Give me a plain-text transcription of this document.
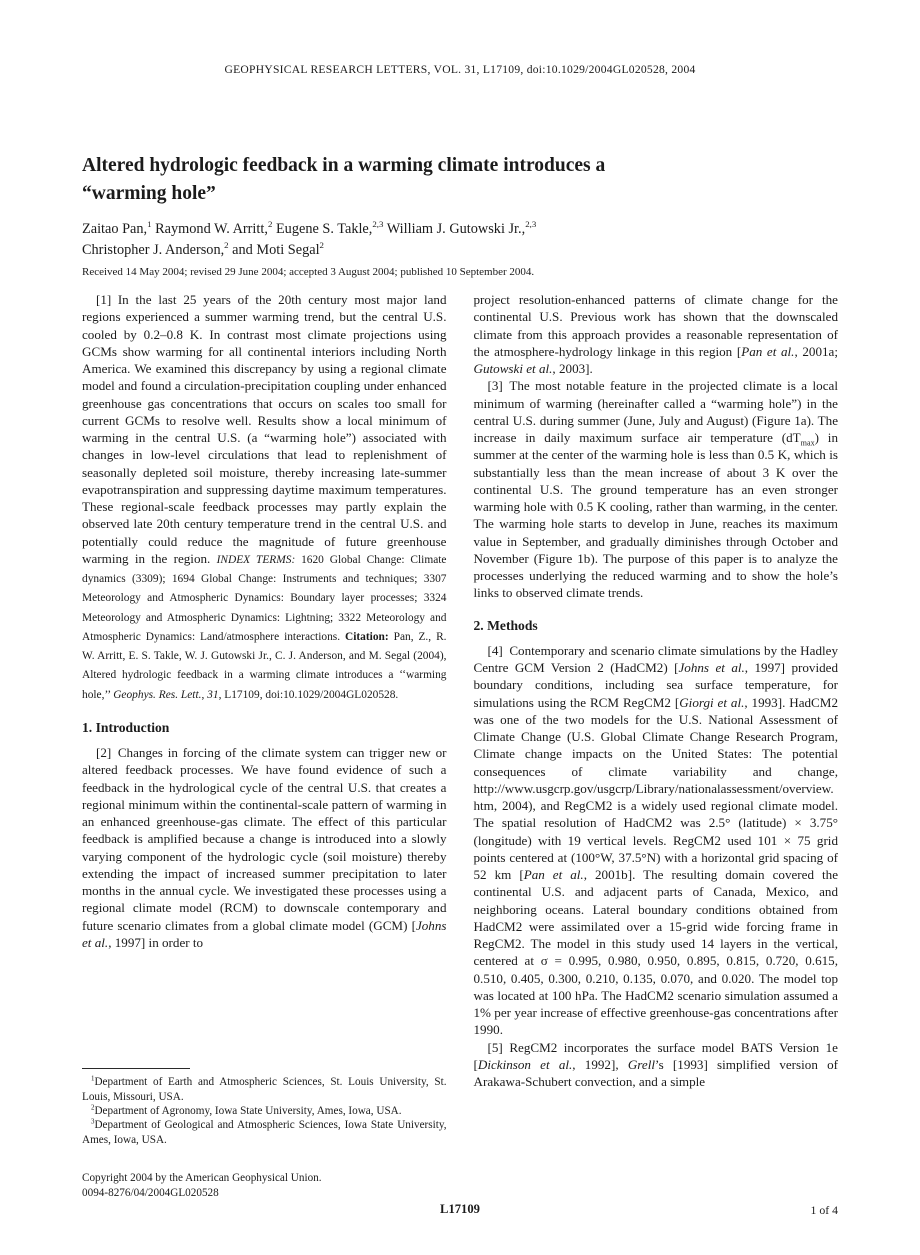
GEOPHYSICAL RESEARCH LETTERS, VOL. 31, L17109, doi:10.1029/2004GL020528, 2004
Altered hydrologic feedback in a warming climate introduces a
“warming hole”
Zaitao Pan,$^1$ Raymond W. Arritt,$^2$ Eugene S. Takle,$^{2,3}$ William J. Gutowski Jr.,$^{2,3}$
Christopher J. Anderson,$^2$ and Moti Segal$^2$
Received 14 May 2004; revised 29 June 2004; accepted 3 August 2004; published 10 September 2004.

[1] In the last 25 years of the 20th century most major land regions experienced a summer warming trend, but the central U.S. cooled by 0.2–0.8 K. In contrast most climate projections using GCMs show warming for all continental interiors including North America. We examined this discrepancy by using a regional climate model and found a circulation-precipitation coupling under enhanced greenhouse gas concentrations that occurs on scales too small for current GCMs to resolve well. Results show a local minimum of warming in the central U.S. (a “warming hole”) associated with changes in low-level circulations that lead to replenishment of seasonally depleted soil moisture, thereby increasing late-summer evapotranspiration and suppressing daytime maximum temperatures. These regional-scale feedback processes may partly explain the observed late 20th century temperature trend in the central U.S. and potentially could reduce the magnitude of future greenhouse warming in the region. INDEX TERMS: 1620 Global Change: Climate dynamics (3309); 1694 Global Change: Instruments and techniques; 3307 Meteorology and Atmospheric Dynamics: Boundary layer processes; 3324 Meteorology and Atmospheric Dynamics: Lightning; 3322 Meteorology and Atmospheric Dynamics: Land/atmosphere interactions. Citation: Pan, Z., R. W. Arritt, E. S. Takle, W. J. Gutowski Jr., C. J. Anderson, and M. Segal (2004), Altered hydrologic feedback in a warming climate introduces a ‘‘warming hole,’’ Geophys. Res. Lett., 31, L17109, doi:10.1029/2004GL020528.

1. Introduction

[2] Changes in forcing of the climate system can trigger new or altered feedback processes. We have found evidence of such a feedback in the hydrological cycle of the central U.S. that creates a regional minimum within the continental-scale pattern of warming in an enhanced greenhouse-gas climate. The effect of this particular feedback is amplified because a change is introduced into a slowly varying component of the hydrologic cycle (soil moisture) thereby extending the impact of increased summer precipitation to later months in the annual cycle. We investigated these processes using a regional climate model (RCM) to downscale contemporary and future scenario climates from a global climate model (GCM) [Johns et al., 1997] in order to

$^1$Department of Earth and Atmospheric Sciences, St. Louis University, St. Louis, Missouri, USA.

$^2$Department of Agronomy, Iowa State University, Ames, Iowa, USA.

$^3$Department of Geological and Atmospheric Sciences, Iowa State University, Ames, Iowa, USA.

Copyright 2004 by the American Geophysical Union.

0094-8276/04/2004GL020528

project resolution-enhanced patterns of climate change for the continental U.S. Previous work has shown that the downscaled climate from this approach provides a reasonable representation of the atmosphere-hydrology linkage in this region [Pan et al., 2001a; Gutowski et al., 2003].

[3] The most notable feature in the projected climate is a local minimum of warming (hereinafter called a “warming hole”) in the central U.S. during summer (June, July and August) (Figure 1a). The increase in daily maximum surface air temperature $(dT_{max})$ in summer at the center of the warming hole is less than 0.5 K, which is substantially less than the mean increase of about 3 K over the continental U.S. The ground temperature has an even stronger warming hole with 0.5 K cooling, rather than warming, in the center. The warming hole starts to develop in June, reaches its maximum value in September, and gradually diminishes through October and November (Figure 1b). The purpose of this paper is to analyze the processes underlying the reduced warming and to show the hole’s links to observed climate trends.

2. Methods

[4] Contemporary and scenario climate simulations by the Hadley Centre GCM Version 2 (HadCM2) [Johns et al., 1997] provided boundary conditions, including sea surface temperature, for simulations using the RCM RegCM2 [Giorgi et al., 1993]. HadCM2 was one of the two models for the U.S. National Assessment of Climate Change (U.S. Global Climate Change Research Program, Climate change impacts on the United States: The potential consequences of climate variability and change, http://www.usgcrp.gov/usgcrp/Library/nationalassessment/overview.htm, 2004), and RegCM2 is a widely used regional climate model. The spatial resolution of HadCM2 was 2.5° (latitude) × 3.75° (longitude) with 19 vertical levels. RegCM2 used 101 × 75 grid points centered at (100°W, 37.5°N) with a horizontal grid spacing of 52 km [Pan et al., 2001b]. The resulting domain covered the continental U.S. and adjacent parts of Canada, Mexico, and neighboring oceans. Lateral boundary conditions obtained from HadCM2 were assimilated over a 15-grid wide forcing frame in RegCM2. The model in this study used 14 layers in the vertical, centered at σ = 0.995, 0.980, 0.950, 0.895, 0.815, 0.720, 0.615, 0.510, 0.405, 0.300, 0.210, 0.135, 0.070, and 0.020. The model top was located at 100 hPa. The HadCM2 scenario simulation assumed a 1% per year increase of effective greenhouse-gas concentrations after 1990.

[5] RegCM2 incorporates the surface model BATS Version 1e [Dickinson et al., 1992], Grell’s [1993] simplified version of Arakawa-Schubert convection, and a simple

L17109	1 of 4
